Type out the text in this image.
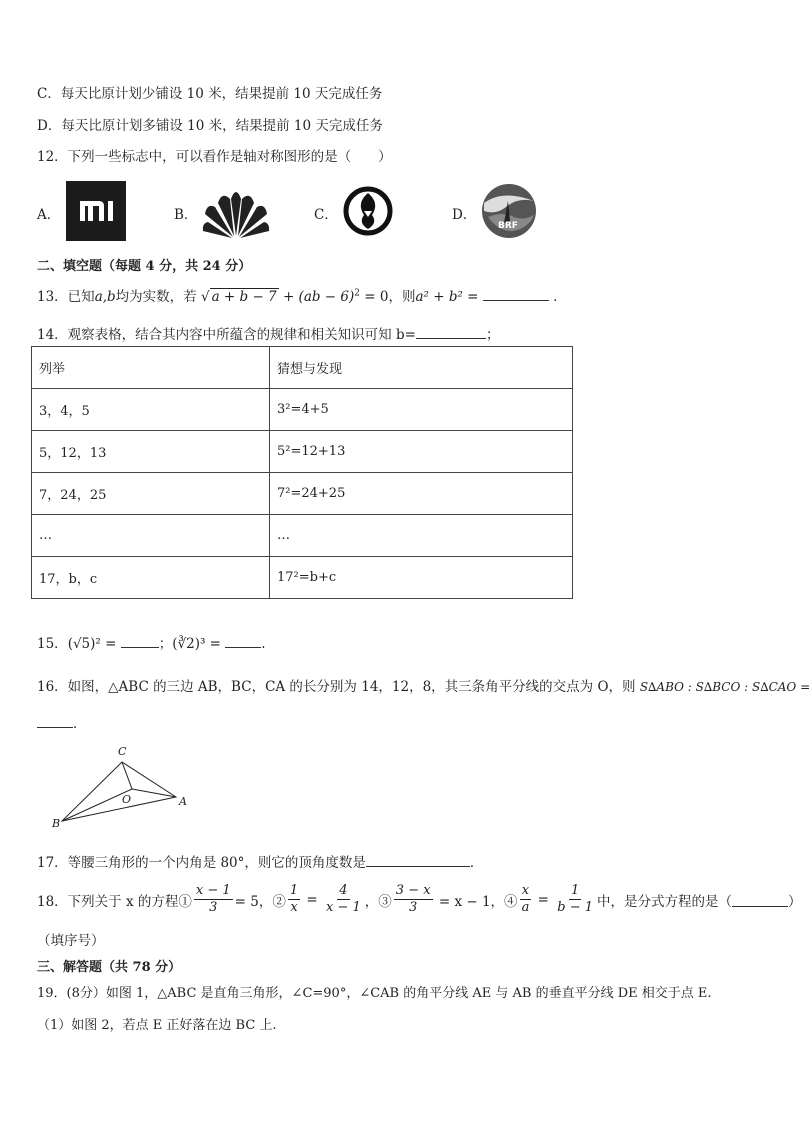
C．每天比原计划少铺设 10 米，结果提前 10 天完成任务
D．每天比原计划多铺设 10 米，结果提前 10 天完成任务
12．下列一些标志中，可以看作是轴对称图形的是（　　）
A．	B．	C．	D．
BRF
二、填空题（每题 4 分，共 24 分）
13．已知a,b均为实数，若 √ a + b − 7 + (ab − 6)$^2$ = 0，则a² + b² =	．
14．观察表格，结合其内容中所蕴含的规律和相关知识可知 b=	；
列举	猜想与发现
3，4，5	3²=4+5
5，12，13	5²=12+13
7，24，25	7²=24+25
…	…
17，b，c	17²=b+c
15．(√5)² =	；(∛2)³ =	.
16．如图，△ABC 的三边 AB，BC，CA 的长分别为 14，12，8，其三条角平分线的交点为 O，则 S∆ABO : S∆BCO : S∆CAO =
．
C
O	A
B
17．等腰三角形的一个内角是 80°，则它的顶角度数是	．
18．下列关于 x 的方程① $\frac{x - 1}{3} = 5$，② $\frac{1}{x} = \frac{4}{x - 1}$ ，③ $\frac{3 - x}{3} = x - 1$，④ $\frac{x}{a} = \frac{1}{b - 1}$ 中，是分式方程的是（	）
（填序号）
三、解答题（共 78 分）
19．(8分）如图 1，△ABC 是直角三角形，∠C=90°，∠CAB 的角平分线 AE 与 AB 的垂直平分线 DE 相交于点 E.
（1）如图 2，若点 E 正好落在边 BC 上.
